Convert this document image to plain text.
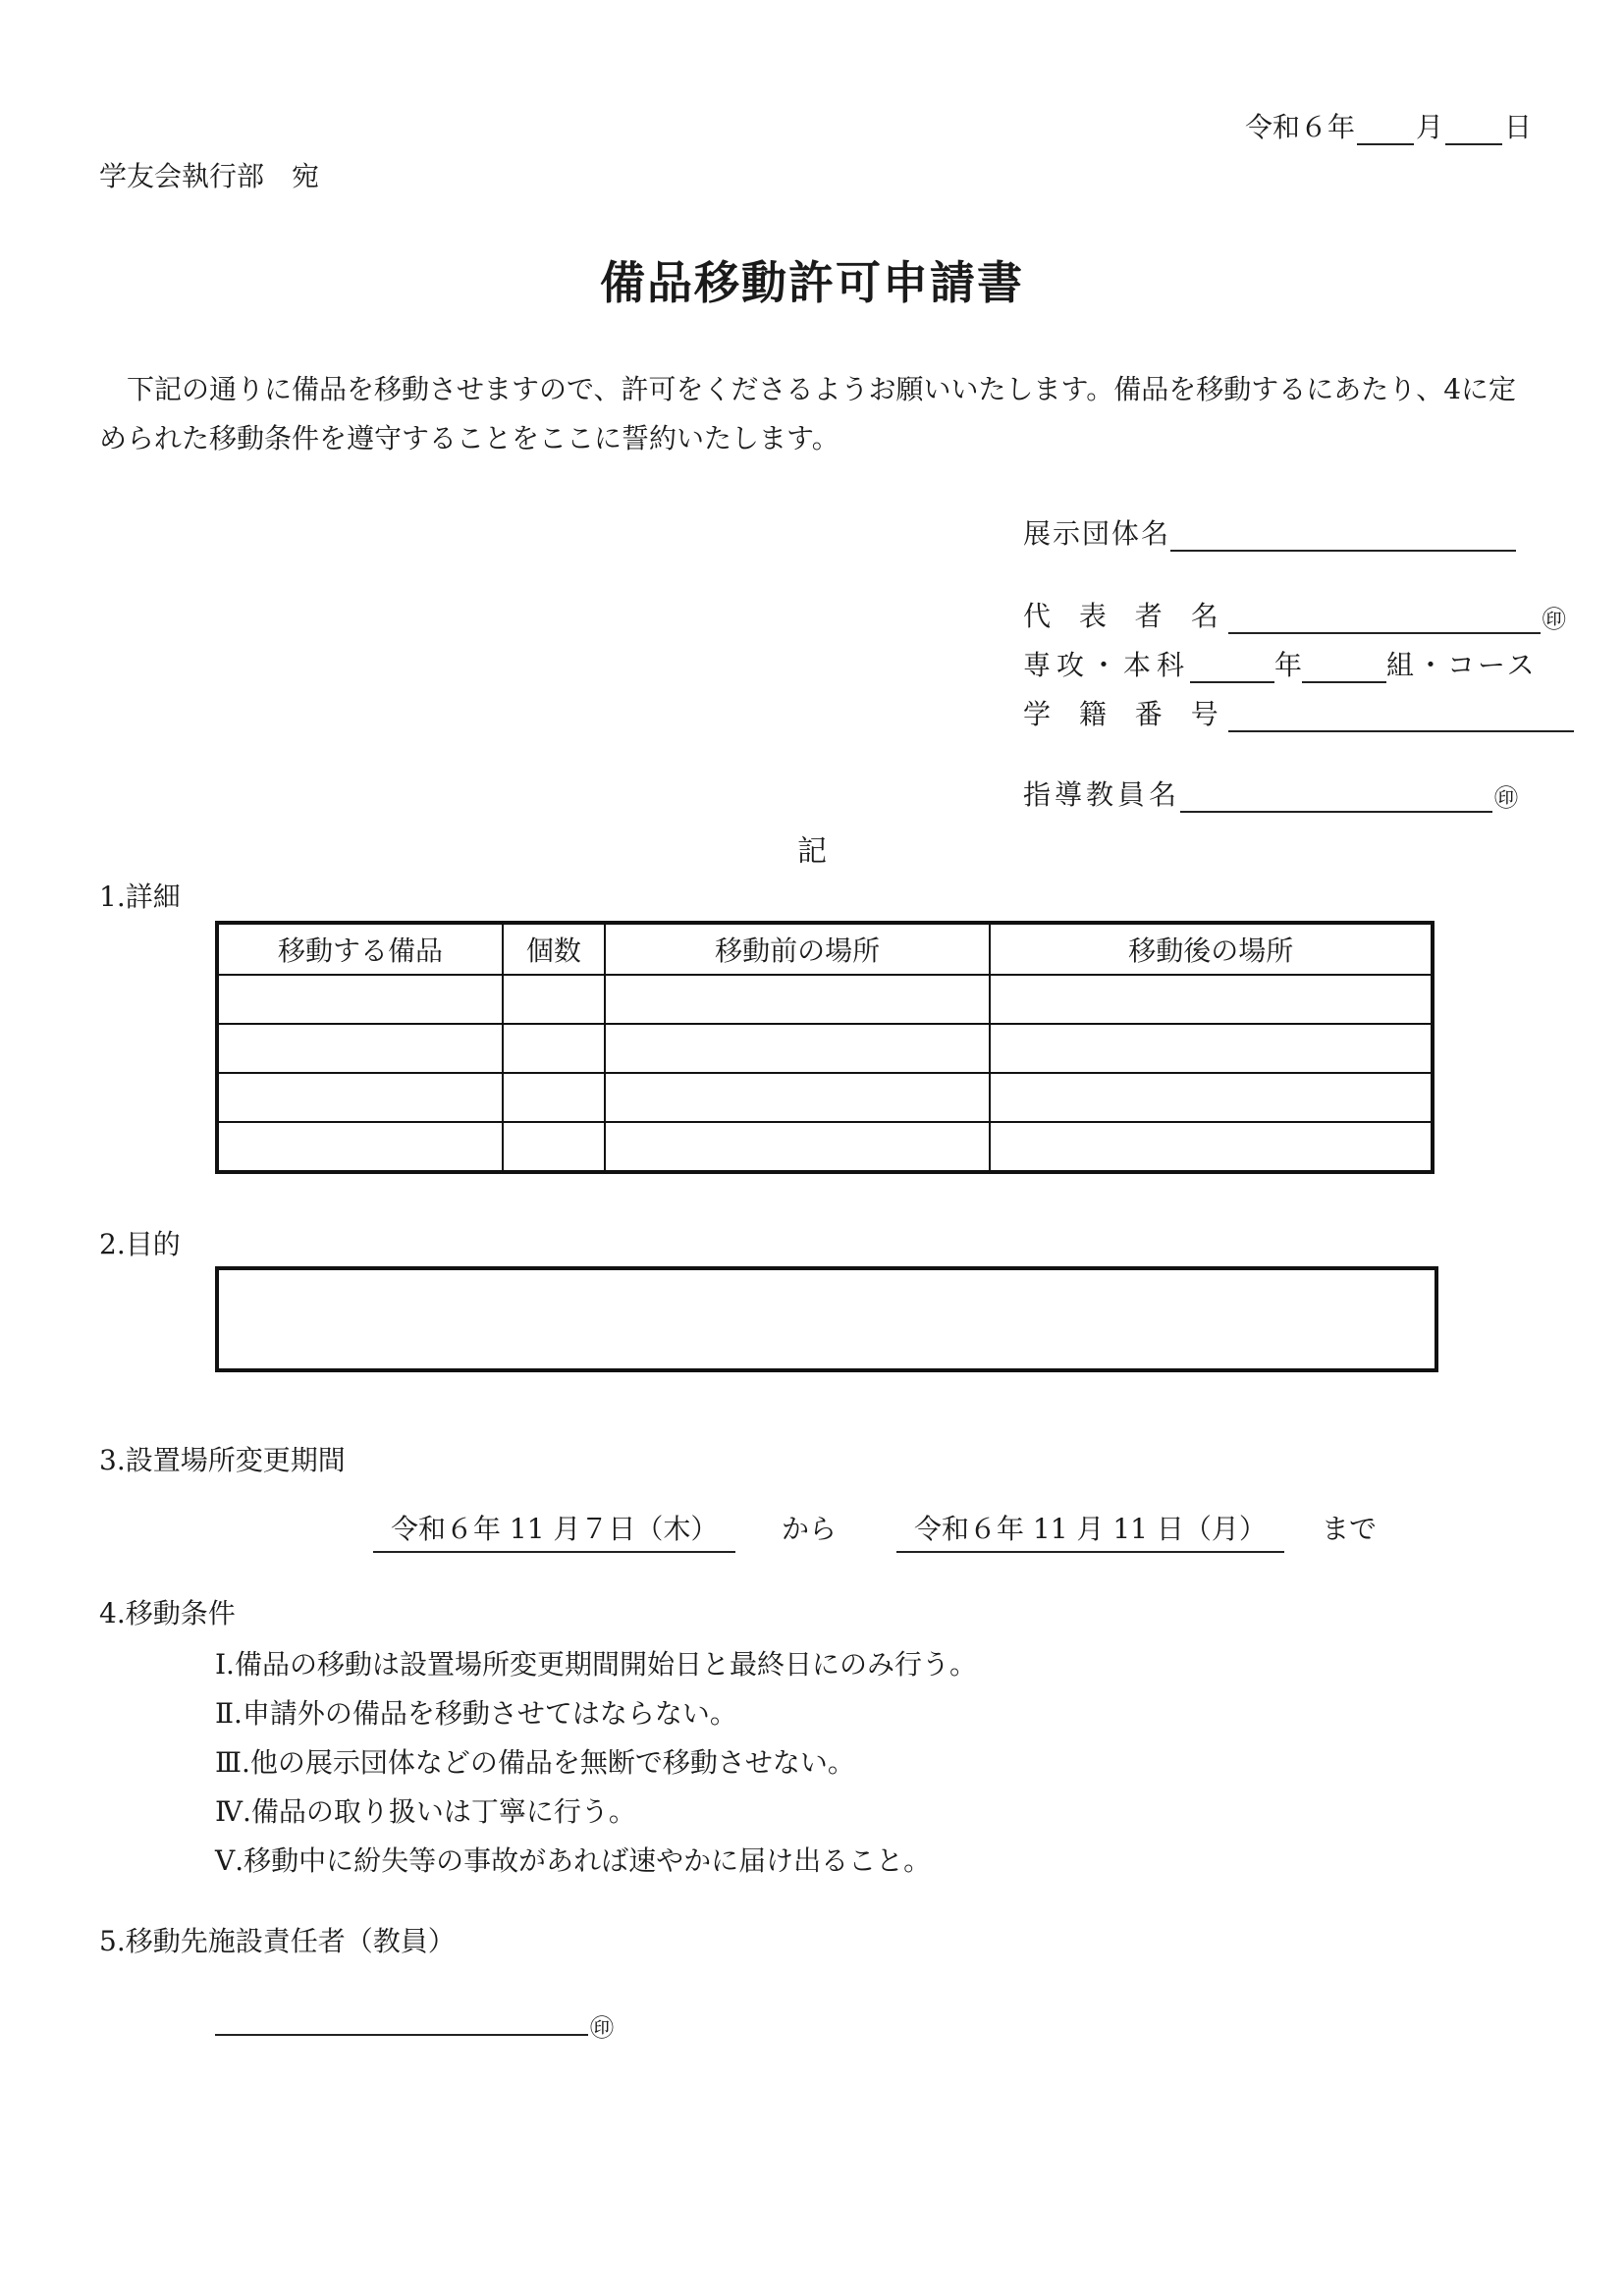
令和６年 月 日
学友会執行部　宛
備品移動許可申請書
下記の通りに備品を移動させますので、許可をくださるようお願いいたします。備品を移動するにあたり、4に定められた移動条件を遵守することをここに誓約いたします。
展示団体名
代 表 者 名	㊞
専攻・本科	年	組・コース
学 籍 番 号
指導教員名	㊞
記
1.詳細
移動する備品	個数	移動前の場所	移動後の場所

2.目的
3.設置場所変更期間
令和６年 11 月７日（木）	から	令和６年 11 月 11 日（月）	まで
4.移動条件
Ⅰ.備品の移動は設置場所変更期間開始日と最終日にのみ行う。
Ⅱ.申請外の備品を移動させてはならない。
Ⅲ.他の展示団体などの備品を無断で移動させない。
Ⅳ.備品の取り扱いは丁寧に行う。
Ⅴ.移動中に紛失等の事故があれば速やかに届け出ること。
5.移動先施設責任者（教員）
㊞
